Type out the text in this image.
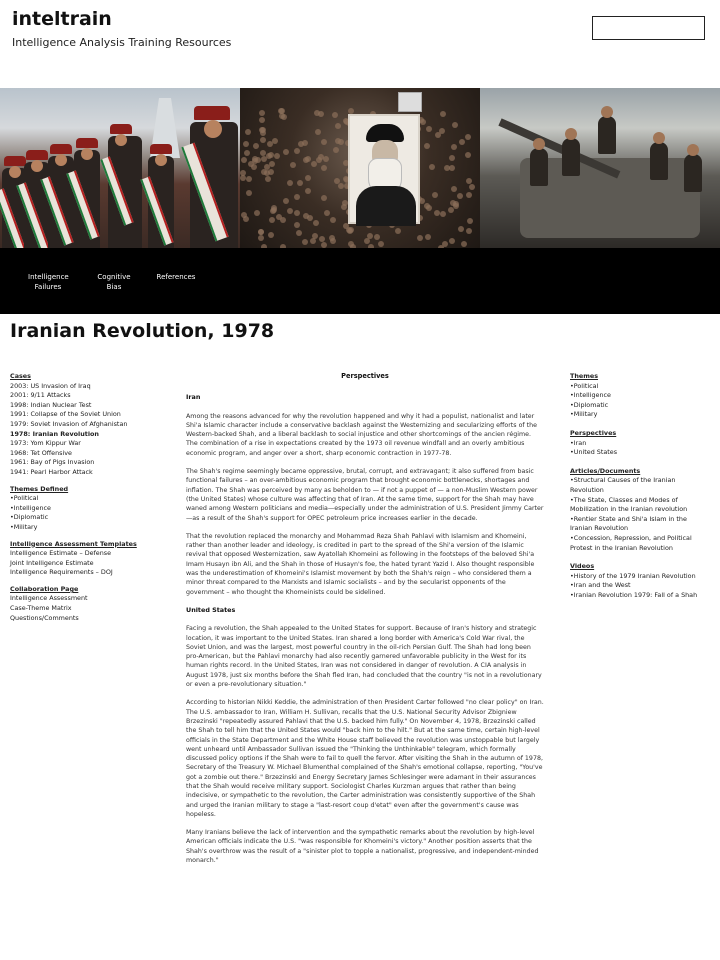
inteltrain
Intelligence Analysis Training Resources
Intelligence
Failures
Cognitive
Bias
References
Iranian Revolution, 1978
Cases
2003: US Invasion of Iraq
2001: 9/11 Attacks
1998: Indian Nuclear Test
1991: Collapse of the Soviet Union
1979: Soviet Invasion of Afghanistan
1978: Iranian Revolution
1973: Yom Kippur War
1968: Tet Offensive
1961: Bay of Pigs Invasion
1941: Pearl Harbor Attack
Themes Defined
•Political
•Intelligence
•Diplomatic
•Military
Intelligence Assessment Templates
Intelligence Estimate – Defense
Joint Intelligence Estimate
Intelligence Requirements – DOJ
Collaboration Page
Intelligence Assessment
Case-Theme Matrix
Questions/Comments
Perspectives
Iran

Among the reasons advanced for why the revolution happened and why it had a populist, nationalist and later Shi'a Islamic character include a conservative backlash against the Westernizing and secularizing efforts of the Western-backed Shah, and a liberal backlash to social injustice and other shortcomings of the ancien régime. The combination of a rise in expectations created by the 1973 oil revenue windfall and an overly ambitious economic program, and anger over a short, sharp economic contraction in 1977-78.

The Shah's regime seemingly became oppressive, brutal, corrupt, and extravagant; it also suffered from basic functional failures – an over-ambitious economic program that brought economic bottlenecks, shortages and inflation. The Shah was perceived by many as beholden to — if not a puppet of — a non-Muslim Western power (the United States) whose culture was affecting that of Iran. At the same time, support for the Shah may have waned among Western politicians and media—especially under the administration of U.S. President Jimmy Carter—as a result of the Shah's support for OPEC petroleum price increases earlier in the decade.

That the revolution replaced the monarchy and Mohammad Reza Shah Pahlavi with Islamism and Khomeini, rather than another leader and ideology, is credited in part to the spread of the Shi'a version of the Islamic revival that opposed Westernization, saw Ayatollah Khomeini as following in the footsteps of the beloved Shi'a Imam Husayn ibn Ali, and the Shah in those of Husayn's foe, the hated tyrant Yazid I. Also thought responsible was the underestimation of Khomeini's Islamist movement by both the Shah's reign – who considered them a minor threat compared to the Marxists and Islamic socialists – and by the secularist opponents of the government – who thought the Khomeinists could be sidelined.

United States

Facing a revolution, the Shah appealed to the United States for support. Because of Iran's history and strategic location, it was important to the United States. Iran shared a long border with America's Cold War rival, the Soviet Union, and was the largest, most powerful country in the oil-rich Persian Gulf. The Shah had long been pro-American, but the Pahlavi monarchy had also recently garnered unfavorable publicity in the West for its human rights record. In the United States, Iran was not considered in danger of revolution. A CIA analysis in August 1978, just six months before the Shah fled Iran, had concluded that the country "is not in a revolutionary or even a pre-revolutionary situation."

According to historian Nikki Keddie, the administration of then President Carter followed "no clear policy" on Iran. The U.S. ambassador to Iran, William H. Sullivan, recalls that the U.S. National Security Advisor Zbigniew Brzezinski "repeatedly assured Pahlavi that the U.S. backed him fully." On November 4, 1978, Brzezinski called the Shah to tell him that the United States would "back him to the hilt." But at the same time, certain high-level officials in the State Department and the White House staff believed the revolution was unstoppable but largely went unheard until Ambassador Sullivan issued the "Thinking the Unthinkable" telegram, which formally discussed policy options if the Shah were to fail to quell the fervor. After visiting the Shah in the autumn of 1978, Secretary of the Treasury W. Michael Blumenthal complained of the Shah's emotional collapse, reporting, "You've got a zombie out there." Brzezinski and Energy Secretary James Schlesinger were adamant in their assurances that the Shah would receive military support. Sociologist Charles Kurzman argues that rather than being indecisive, or sympathetic to the revolution, the Carter administration was consistently supportive of the Shah and urged the Iranian military to stage a "last-resort coup d'etat" even after the government's cause was hopeless.

Many Iranians believe the lack of intervention and the sympathetic remarks about the revolution by high-level American officials indicate the U.S. "was responsible for Khomeini's victory." Another position asserts that the Shah's overthrow was the result of a "sinister plot to topple a nationalist, progressive, and independent-minded monarch."

Themes
•Political
•Intelligence
•Diplomatic
•Military
Perspectives
•Iran
•United States
Articles/Documents
•Structural Causes of the Iranian Revolution
•The State, Classes and Modes of Mobilization in the Iranian revolution
•Rentier State and Shi'a Islam in the Iranian Revolution
•Concession, Repression, and Political Protest in the Iranian Revolution
Videos
•History of the 1979 Iranian Revolution
•Iran and the West
•Iranian Revolution 1979: Fall of a Shah
